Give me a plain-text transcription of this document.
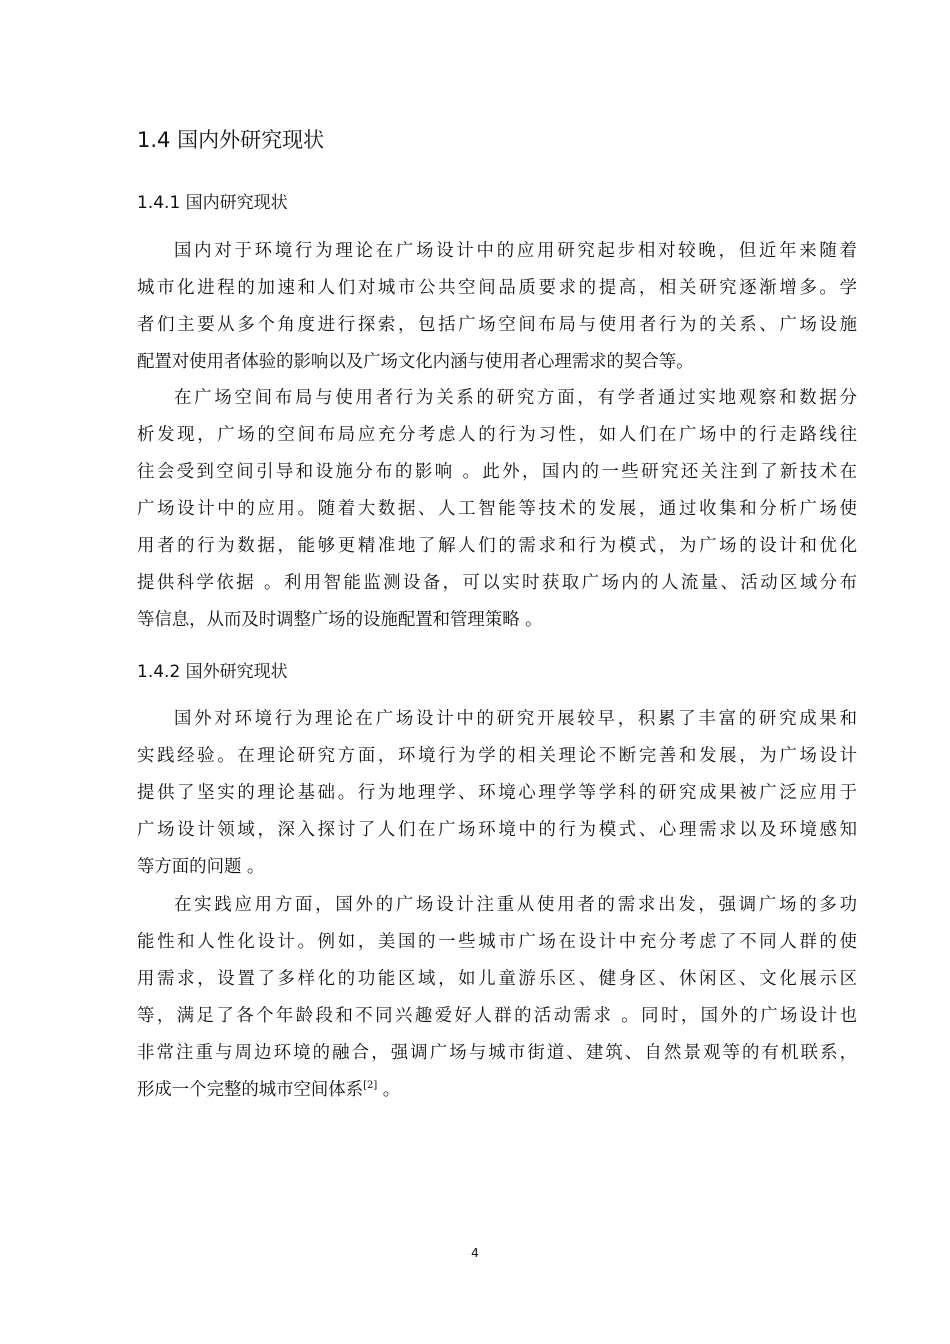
1.4 国内外研究现状
1.4.1 国内研究现状
国内对于环境行为理论在广场设计中的应用研究起步相对较晚，但近年来随着
城市化进程的加速和人们对城市公共空间品质要求的提高，相关研究逐渐增多。学
者们主要从多个角度进行探索，包括广场空间布局与使用者行为的关系、广场设施
配置对使用者体验的影响以及广场文化内涵与使用者心理需求的契合等。
在广场空间布局与使用者行为关系的研究方面，有学者通过实地观察和数据分
析发现，广场的空间布局应充分考虑人的行为习性，如人们在广场中的行走路线往
往会受到空间引导和设施分布的影响 。此外，国内的一些研究还关注到了新技术在
广场设计中的应用。随着大数据、人工智能等技术的发展，通过收集和分析广场使
用者的行为数据，能够更精准地了解人们的需求和行为模式，为广场的设计和优化
提供科学依据 。利用智能监测设备，可以实时获取广场内的人流量、活动区域分布
等信息，从而及时调整广场的设施配置和管理策略 。
1.4.2 国外研究现状
国外对环境行为理论在广场设计中的研究开展较早，积累了丰富的研究成果和
实践经验。在理论研究方面，环境行为学的相关理论不断完善和发展，为广场设计
提供了坚实的理论基础。行为地理学、环境心理学等学科的研究成果被广泛应用于
广场设计领域，深入探讨了人们在广场环境中的行为模式、心理需求以及环境感知
等方面的问题 。
在实践应用方面，国外的广场设计注重从使用者的需求出发，强调广场的多功
能性和人性化设计。例如，美国的一些城市广场在设计中充分考虑了不同人群的使
用需求，设置了多样化的功能区域，如儿童游乐区、健身区、休闲区、文化展示区
等，满足了各个年龄段和不同兴趣爱好人群的活动需求 。同时，国外的广场设计也
非常注重与周边环境的融合，强调广场与城市街道、建筑、自然景观等的有机联系，
形成一个完整的城市空间体系[2] 。
4
